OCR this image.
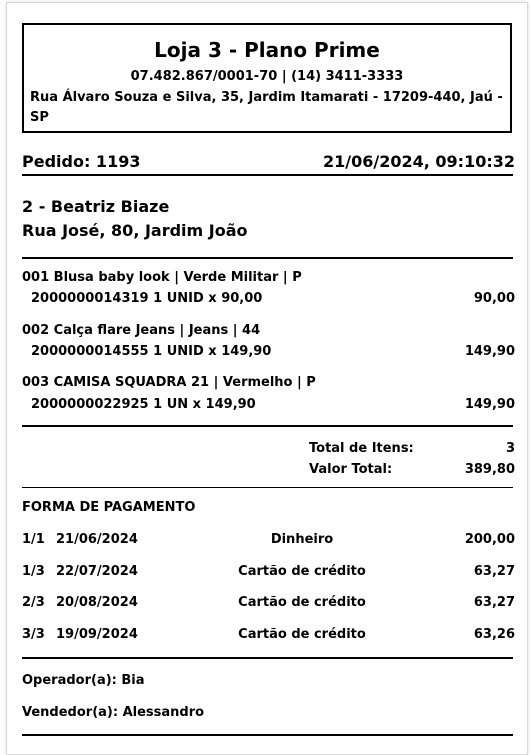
Loja 3 - Plano Prime
07.482.867/0001-70 | (14) 3411-3333
Rua Álvaro Souza e Silva, 35, Jardim Itamarati - 17209-440, Jaú - SP
Pedido: 1193	21/06/2024, 09:10:32
2 - Beatriz Biaze
Rua José, 80, Jardim João
001 Blusa baby look | Verde Militar | P
2000000014319 1 UNID x 90,00	90,00
002 Calça flare Jeans | Jeans | 44
2000000014555 1 UNID x 149,90	149,90
003 CAMISA SQUADRA 21 | Vermelho | P
2000000022925 1 UN x 149,90	149,90
Total de Itens:	3
Valor Total:	389,80
FORMA DE PAGAMENTO
1/1 21/06/2024	Dinheiro	200,00
1/3 22/07/2024	Cartão de crédito	63,27
2/3 20/08/2024	Cartão de crédito	63,27
3/3 19/09/2024	Cartão de crédito	63,26
Operador(a): Bia
Vendedor(a): Alessandro
